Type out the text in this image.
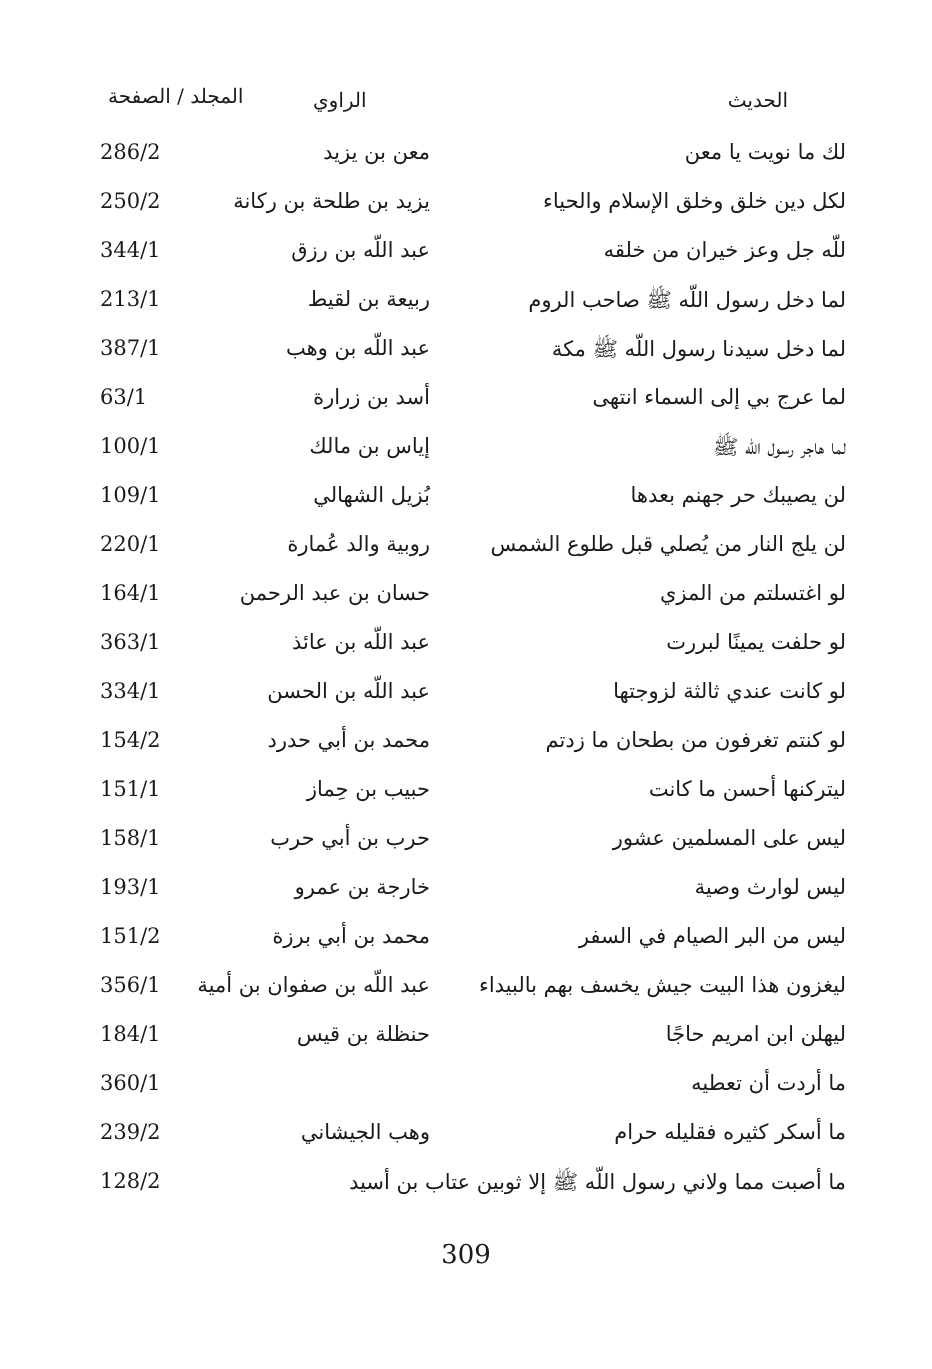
الحديث
الراوي
المجلد / الصفحة
لك ما نويت يا معن
معن بن يزيد
286/2
لكل دين خلق وخلق الإسلام والحياء
يزيد بن طلحة بن ركانة
250/2
للّه جل وعز خيران من خلقه
عبد اللّه بن رزق
344/1
لما دخل رسول اللّه ﷺ صاحب الروم
ربيعة بن لقيط
213/1
لما دخل سيدنا رسول اللّه ﷺ مكة
عبد اللّه بن وهب
387/1
لما عرج بي إلى السماء انتهى
أسد بن زرارة
63/1
لما هاجر رسول اللّه ﷺ
إياس بن مالك
100/1
لن يصيبك حر جهنم بعدها
بُزيل الشهالي
109/1
لن يلج النار من يُصلي قبل طلوع الشمس
روبية والد عُمارة
220/1
لو اغتسلتم من المزي
حسان بن عبد الرحمن
164/1
لو حلفت يمينًا لبررت
عبد اللّه بن عائذ
363/1
لو كانت عندي ثالثة لزوجتها
عبد اللّه بن الحسن
334/1
لو كنتم تغرفون من بطحان ما زدتم
محمد بن أبي حدرد
154/2
ليتركنها أحسن ما كانت
حبيب بن حِماز
151/1
ليس على المسلمين عشور
حرب بن أبي حرب
158/1
ليس لوارث وصية
خارجة بن عمرو
193/1
ليس من البر الصيام في السفر
محمد بن أبي برزة
151/2
ليغزون هذا البيت جيش يخسف بهم بالبيداء
عبد اللّه بن صفوان بن أمية
356/1
ليهلن ابن امريم حاجًا
حنظلة بن قيس
184/1
ما أردت أن تعطيه
360/1
ما أسكر كثيره فقليله حرام
وهب الجيشاني
239/2
ما أصبت مما ولاني رسول اللّه ﷺ إلا ثوبين عتاب بن أسيد
128/2
309
